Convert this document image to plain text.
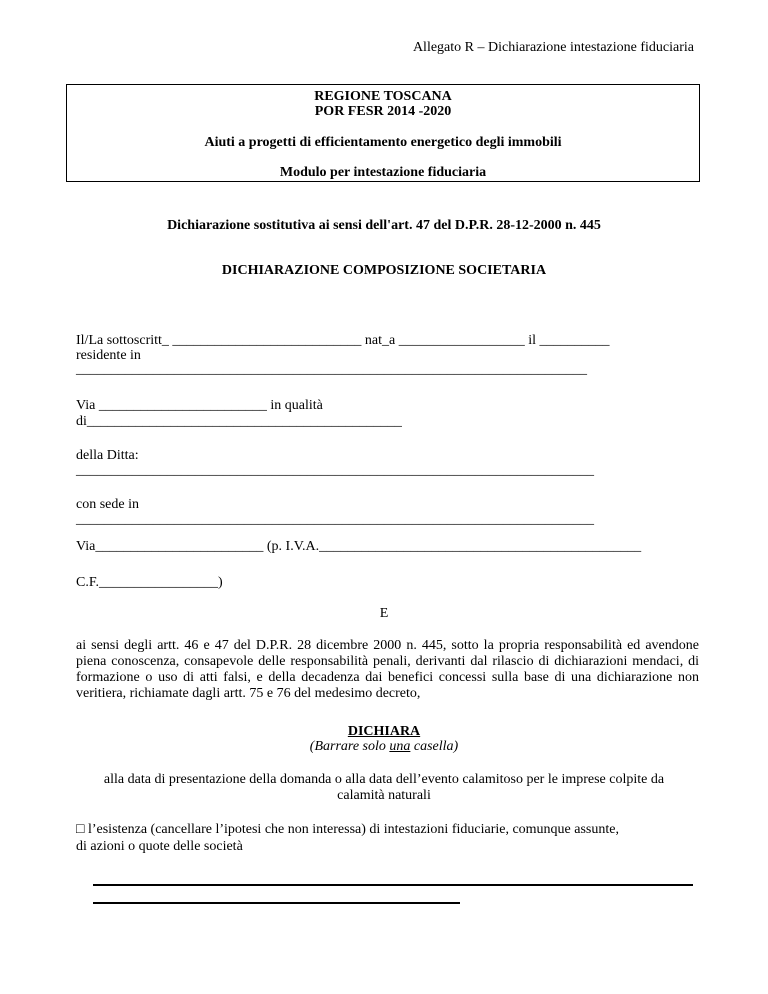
Allegato R – Dichiarazione intestazione fiduciaria
REGIONE TOSCANA
POR FESR 2014 -2020
Aiuti a progetti di efficientamento energetico degli immobili
Modulo per intestazione fiduciaria
Dichiarazione sostitutiva ai sensi dell'art. 47 del D.P.R. 28-12-2000 n. 445
DICHIARAZIONE COMPOSIZIONE SOCIETARIA
Il/La sottoscritt_ ___________________________ nat_a __________________ il __________
residente in
_________________________________________________________________________
Via ________________________ in qualità
di_____________________________________________
della Ditta:
__________________________________________________________________________
con sede in
__________________________________________________________________________
Via________________________ (p. I.V.A.______________________________________________
C.F._________________)
E
ai sensi degli artt. 46 e 47 del D.P.R. 28 dicembre 2000 n. 445, sotto la propria responsabilità ed avendone piena conoscenza, consapevole delle responsabilità penali, derivanti dal rilascio di dichiarazioni mendaci, di formazione o uso di atti falsi, e della decadenza dai benefici concessi sulla base di una dichiarazione non veritiera, richiamate dagli artt. 75 e 76 del medesimo decreto,
DICHIARA
(Barrare solo una casella)
alla data di presentazione della domanda o alla data dell’evento calamitoso per le imprese colpite da
calamità naturali
□ l’esistenza (cancellare l’ipotesi che non interessa) di intestazioni fiduciarie, comunque assunte,
di azioni o quote delle società
